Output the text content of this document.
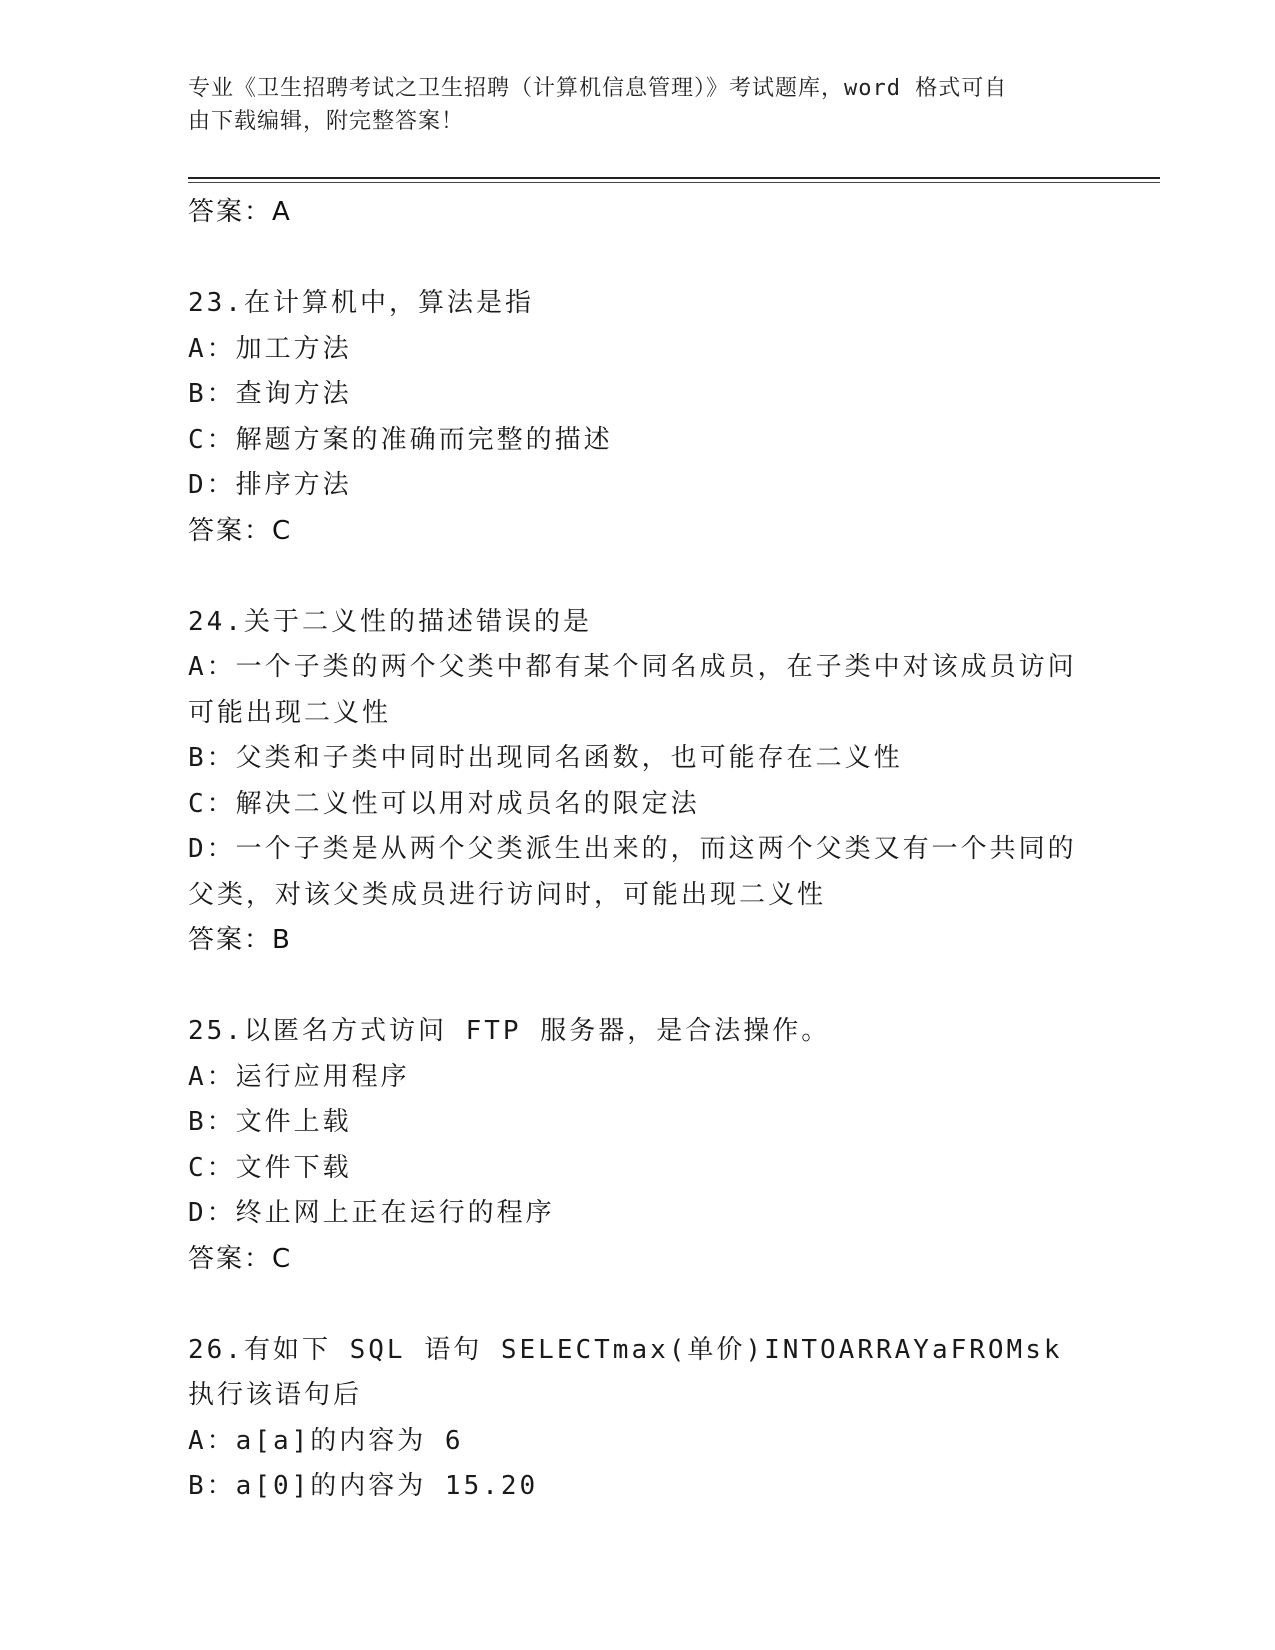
专业《卫生招聘考试之卫生招聘（计算机信息管理）》考试题库，word 格式可自
由下载编辑，附完整答案！
答案：A
23.在计算机中，算法是指
A：加工方法
B：查询方法
C：解题方案的准确而完整的描述
D：排序方法
答案：C
24.关于二义性的描述错误的是
A：一个子类的两个父类中都有某个同名成员，在子类中对该成员访问
可能出现二义性
B：父类和子类中同时出现同名函数，也可能存在二义性
C：解决二义性可以用对成员名的限定法
D：一个子类是从两个父类派生出来的，而这两个父类又有一个共同的
父类，对该父类成员进行访问时，可能出现二义性
答案：B
25.以匿名方式访问 FTP 服务器，是合法操作。
A：运行应用程序
B：文件上载
C：文件下载
D：终止网上正在运行的程序
答案：C
26.有如下 SQL 语句 SELECTmax(单价)INTOARRAYaFROMsk 执行该语句后
A：a[a]的内容为 6
B：a[0]的内容为 15.20
